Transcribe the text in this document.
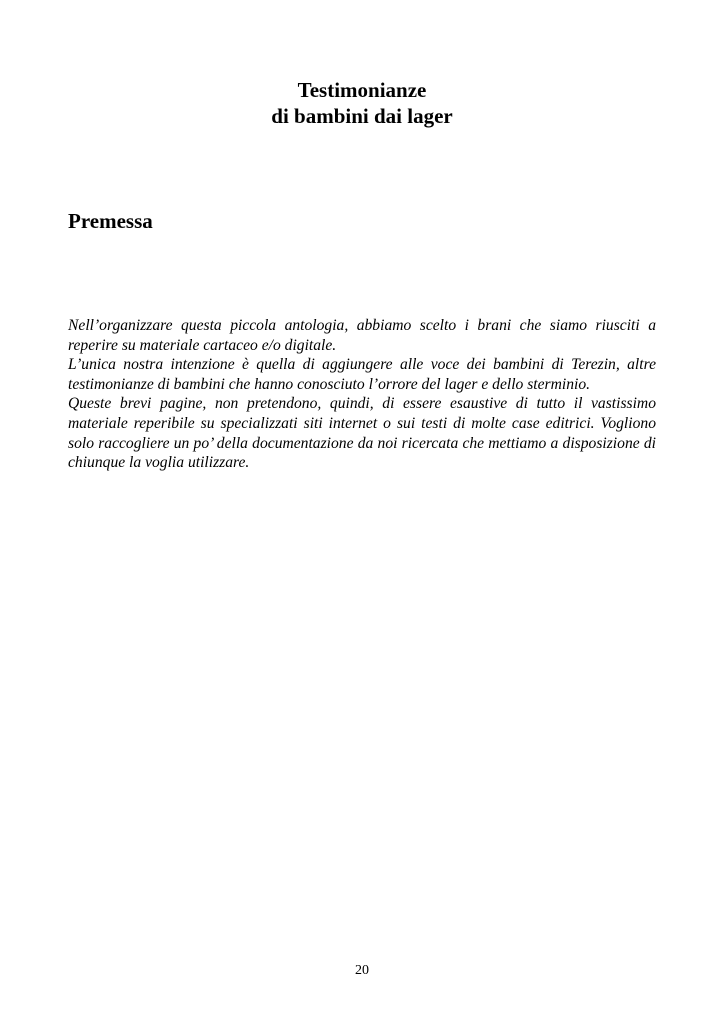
Testimonianze
di bambini dai lager
Premessa

Nell’organizzare questa piccola antologia, abbiamo scelto i brani che siamo riusciti a reperire su materiale cartaceo e/o digitale.

L’unica nostra intenzione è quella di aggiungere alle voce dei bambini di Terezin, altre testimonianze di bambini che hanno conosciuto l’orrore del lager e dello sterminio.

Queste brevi pagine, non pretendono, quindi, di essere esaustive di tutto il vastissimo materiale reperibile su specializzati siti internet o sui testi di molte case editrici. Vogliono solo raccogliere un po’ della documentazione da noi ricercata che mettiamo a disposizione di chiunque la voglia utilizzare.

20
